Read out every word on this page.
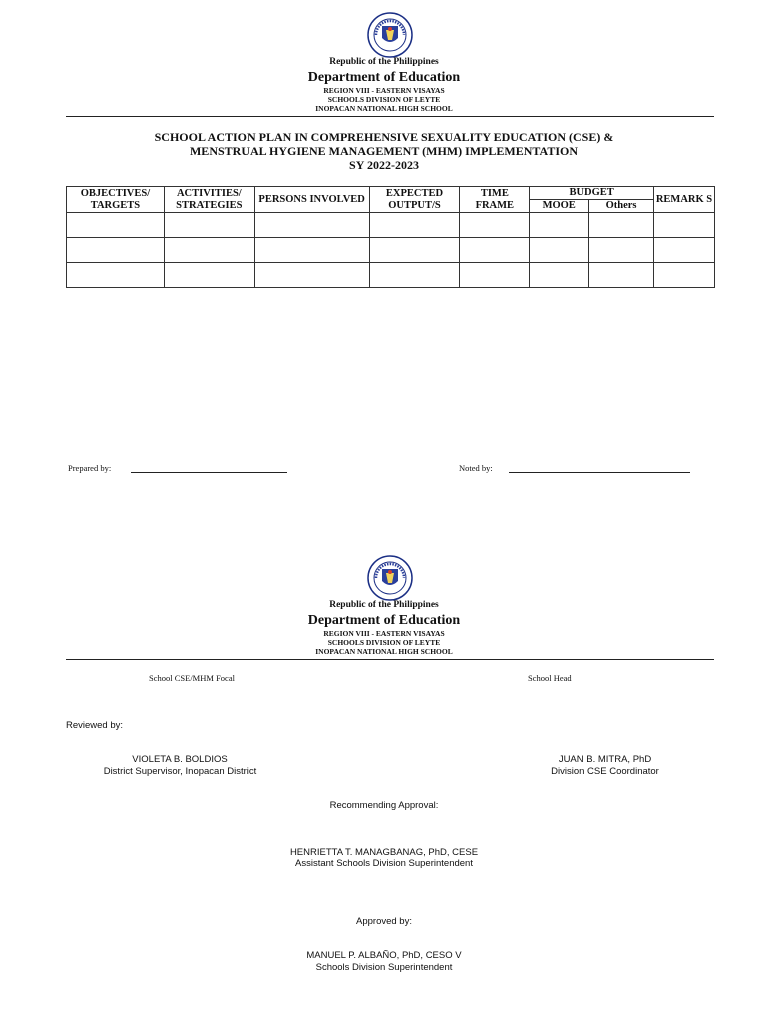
Republic of the Philippines
Department of Education
REGION VIII - EASTERN VISAYAS
SCHOOLS DIVISION OF LEYTE
INOPACAN NATIONAL HIGH SCHOOL
SCHOOL ACTION PLAN IN COMPREHENSIVE SEXUALITY EDUCATION (CSE) &
MENSTRUAL HYGIENE MANAGEMENT (MHM) IMPLEMENTATION
SY 2022-2023
OBJECTIVES/ TARGETS	ACTIVITIES/ STRATEGIES	PERSONS INVOLVED	EXPECTED OUTPUT/S	TIME FRAME	BUDGET		REMARK S
					MOOE	Others	

Prepared by:	Noted by:
Republic of the Philippines
Department of Education
REGION VIII - EASTERN VISAYAS
SCHOOLS DIVISION OF LEYTE
INOPACAN NATIONAL HIGH SCHOOL
School CSE/MHM Focal	School Head
Reviewed by:
VIOLETA B. BOLDIOS
District Supervisor, Inopacan District
JUAN B. MITRA, PhD
Division CSE Coordinator
Recommending Approval:
HENRIETTA T. MANAGBANAG, PhD, CESE
Assistant Schools Division Superintendent
Approved by:
MANUEL P. ALBAÑO, PhD, CESO V
Schools Division Superintendent
